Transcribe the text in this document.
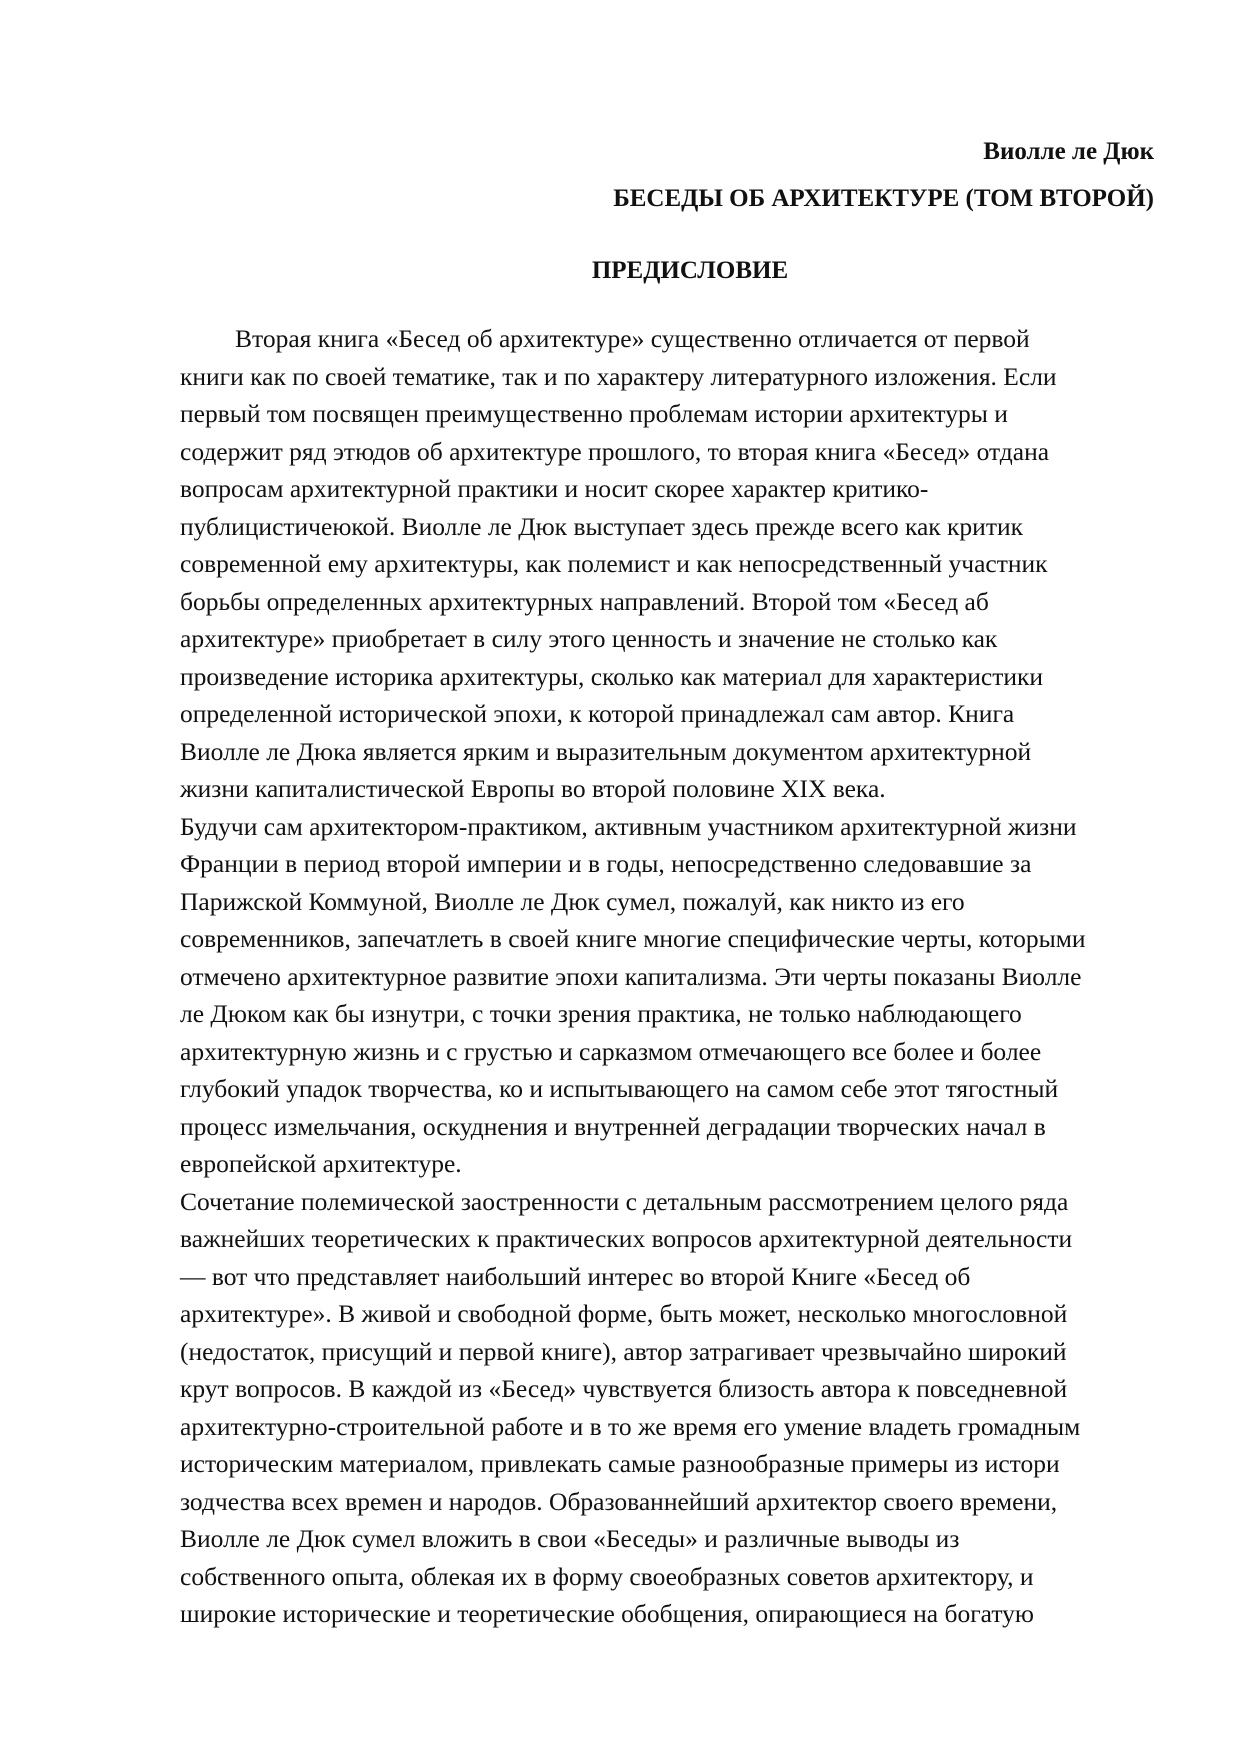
Виолле ле Дюк
БЕСЕДЫ ОБ АРХИТЕКТУРЕ (ТОМ ВТОРОЙ)
ПРЕДИСЛОВИЕ
Вторая книга «Бесед об архитектуре» существенно отличается от первой
книги как по своей тематике, так и по характеру литературного изложения. Если
первый том посвящен преимущественно проблемам истории архитектуры и
содержит ряд этюдов об архитектуре прошлого, то вторая книга «Бесед» отдана
вопросам архитектурной практики и носит скорее характер критико-
публицистичеюкой. Виолле ле Дюк выступает здесь прежде всего как критик
современной ему архитектуры, как полемист и как непосредственный участник
борьбы определенных архитектурных направлений. Второй том «Бесед аб
архитектуре» приобретает в силу этого ценность и значение не столько как
произведение историка архитектуры, сколько как материал для характеристики
определенной исторической эпохи, к которой принадлежал сам автор. Книга
Виолле ле Дюка является ярким и выразительным документом архитектурной
жизни капиталистической Европы во второй половине XIX века.
Будучи сам архитектором-практиком, активным участником архитектурной жизни
Франции в период второй империи и в годы, непосредственно следовавшие за
Парижской Коммуной, Виолле ле Дюк сумел, пожалуй, как никто из его
современников, запечатлеть в своей книге многие специфические черты, которыми
отмечено архитектурное развитие эпохи капитализма. Эти черты показаны Виолле
ле Дюком как бы изнутри, с точки зрения практика, не только наблюдающего
архитектурную жизнь и с грустью и сарказмом отмечающего все более и более
глубокий упадок творчества, ко и испытывающего на самом себе этот тягостный
процесс измельчания, оскуднения и внутренней деградации творческих начал в
европейской архитектуре.
Сочетание полемической заостренности с детальным рассмотрением целого ряда
важнейших теоретических к практических вопросов архитектурной деятельности
— вот что представляет наибольший интерес во второй Книге «Бесед об
архитектуре». В живой и свободной форме, быть может, несколько многословной
(недостаток, присущий и первой книге), автор затрагивает чрезвычайно широкий
крут вопросов. В каждой из «Бесед» чувствуется близость автора к повседневной
архитектурно-строительной работе и в то же время его умение владеть громадным
историческим материалом, привлекать самые разнообразные примеры из истори
зодчества всех времен и народов. Образованнейший архитектор своего времени,
Виолле ле Дюк сумел вложить в свои «Беседы» и различные выводы из
собственного опыта, облекая их в форму своеобразных советов архитектору, и
широкие исторические и теоретические обобщения, опирающиеся на богатую
